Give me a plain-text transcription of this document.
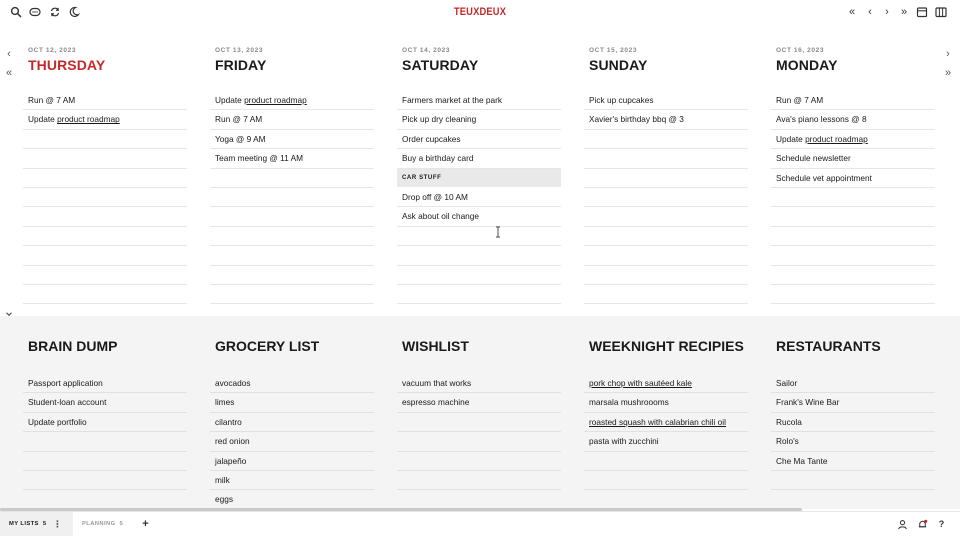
TEUXDEUX	«	‹	›	»
‹
«
›
»
OCT 12, 2023
THURSDAY
Run @ 7 AM
Update product roadmap
OCT 13, 2023
FRIDAY
Update product roadmap
Run @ 7 AM
Yoga @ 9 AM
Team meeting @ 11 AM
OCT 14, 2023
SATURDAY
Farmers market at the park
Pick up dry cleaning
Order cupcakes
Buy a birthday card
CAR STUFF
Drop off @ 10 AM
Ask about oil change
OCT 15, 2023
SUNDAY
Pick up cupcakes
Xavier's birthday bbq @ 3
OCT 16, 2023
MONDAY
Run @ 7 AM
Ava's piano lessons @ 8
Update product roadmap
Schedule newsletter
Schedule vet appointment
BRAIN DUMP
Passport application
Student-loan account
Update portfolio
GROCERY LIST
avocados
limes
cilantro
red onion
jalapeño
milk
eggs
WISHLIST
vacuum that works
espresso machine
WEEKNIGHT RECIPIES
pork chop with sautéed kale
marsala mushroooms
roasted squash with calabrian chili oil
pasta with zucchini
RESTAURANTS
Sailor
Frank's Wine Bar
Rucola
Rolo's
Che Ma Tante
MY LISTS 5 ⋮	PLANNING 5	+	?
